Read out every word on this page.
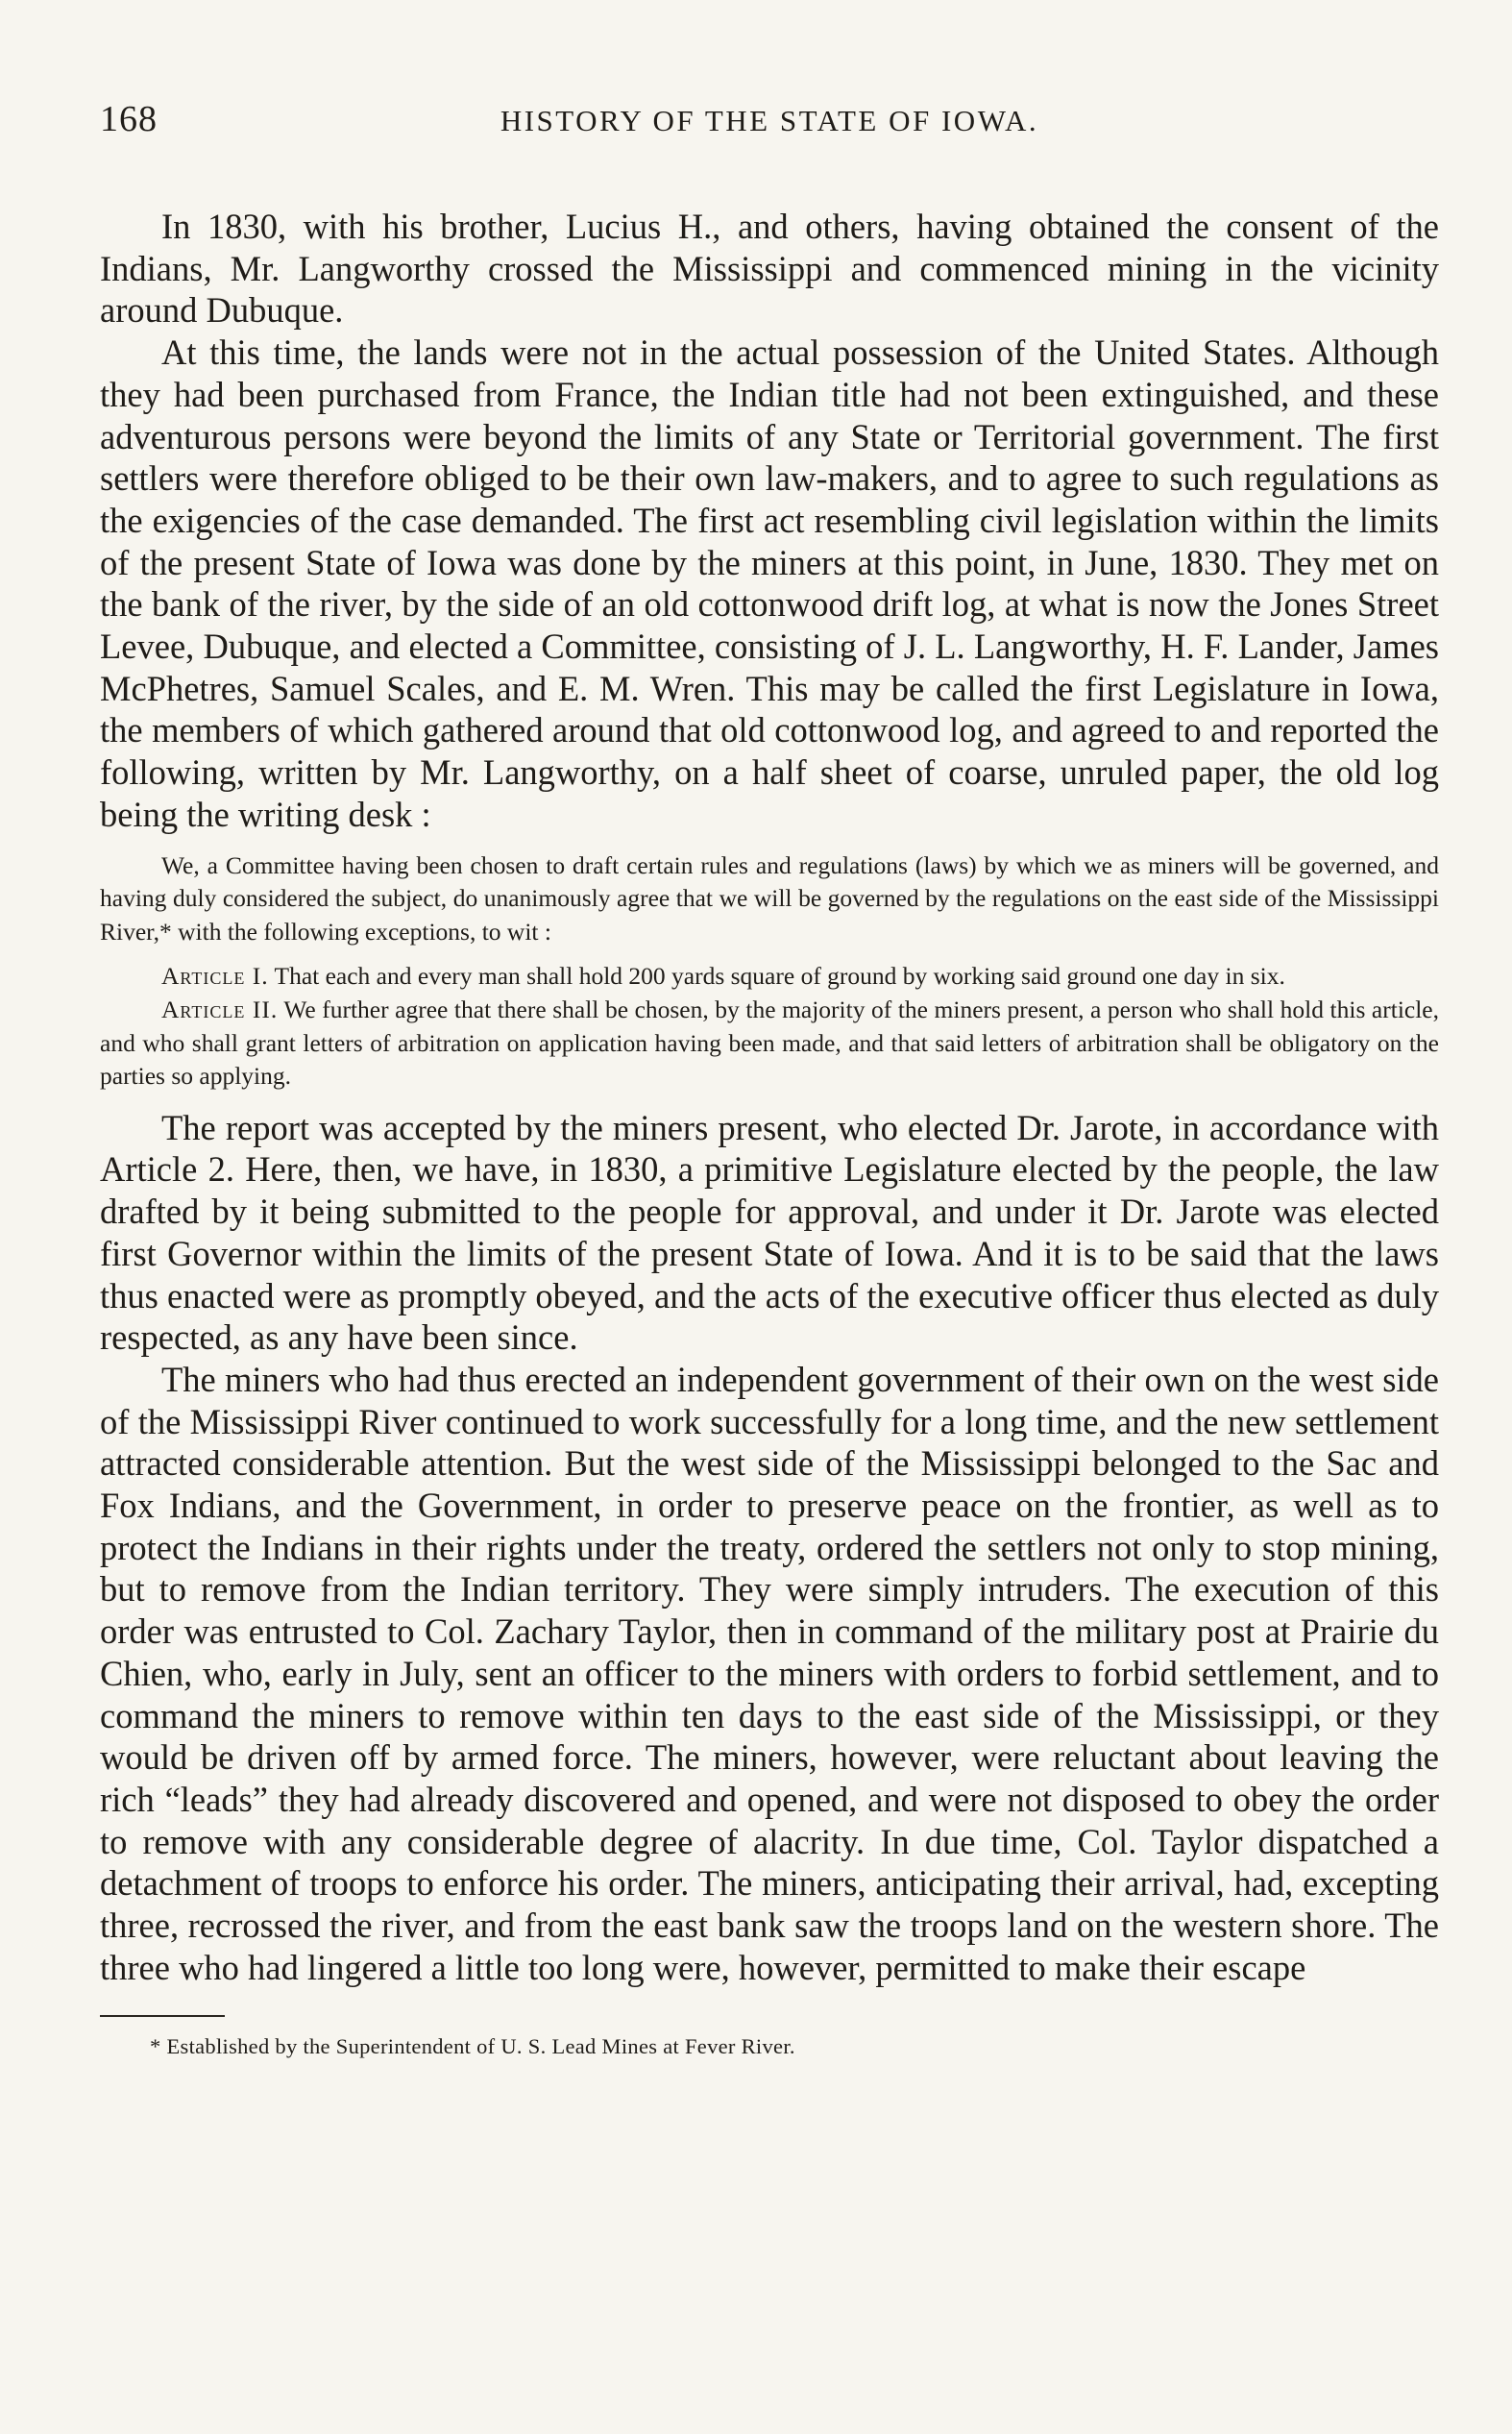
168	HISTORY OF THE STATE OF IOWA.

In 1830, with his brother, Lucius H., and others, having obtained the consent of the Indians, Mr. Langworthy crossed the Mississippi and commenced mining in the vicinity around Dubuque.

At this time, the lands were not in the actual possession of the United States. Although they had been purchased from France, the Indian title had not been extinguished, and these adventurous persons were beyond the limits of any State or Territorial government. The first settlers were therefore obliged to be their own law-makers, and to agree to such regulations as the exigencies of the case demanded. The first act resembling civil legislation within the limits of the present State of Iowa was done by the miners at this point, in June, 1830. They met on the bank of the river, by the side of an old cottonwood drift log, at what is now the Jones Street Levee, Dubuque, and elected a Committee, consisting of J. L. Langworthy, H. F. Lander, James McPhetres, Samuel Scales, and E. M. Wren. This may be called the first Legislature in Iowa, the members of which gathered around that old cottonwood log, and agreed to and reported the following, written by Mr. Langworthy, on a half sheet of coarse, unruled paper, the old log being the writing desk :

We, a Committee having been chosen to draft certain rules and regulations (laws) by which we as miners will be governed, and having duly considered the subject, do unanimously agree that we will be governed by the regulations on the east side of the Mississippi River,* with the following exceptions, to wit :

Article I. That each and every man shall hold 200 yards square of ground by working said ground one day in six.

Article II. We further agree that there shall be chosen, by the majority of the miners present, a person who shall hold this article, and who shall grant letters of arbitration on application having been made, and that said letters of arbitration shall be obligatory on the parties so applying.

The report was accepted by the miners present, who elected Dr. Jarote, in accordance with Article 2. Here, then, we have, in 1830, a primitive Legislature elected by the people, the law drafted by it being submitted to the people for approval, and under it Dr. Jarote was elected first Governor within the limits of the present State of Iowa. And it is to be said that the laws thus enacted were as promptly obeyed, and the acts of the executive officer thus elected as duly respected, as any have been since.

The miners who had thus erected an independent government of their own on the west side of the Mississippi River continued to work successfully for a long time, and the new settlement attracted considerable attention. But the west side of the Mississippi belonged to the Sac and Fox Indians, and the Government, in order to preserve peace on the frontier, as well as to protect the Indians in their rights under the treaty, ordered the settlers not only to stop mining, but to remove from the Indian territory. They were simply intruders. The execution of this order was entrusted to Col. Zachary Taylor, then in command of the military post at Prairie du Chien, who, early in July, sent an officer to the miners with orders to forbid settlement, and to command the miners to remove within ten days to the east side of the Mississippi, or they would be driven off by armed force. The miners, however, were reluctant about leaving the rich “leads” they had already discovered and opened, and were not disposed to obey the order to remove with any considerable degree of alacrity. In due time, Col. Taylor dispatched a detachment of troops to enforce his order. The miners, anticipating their arrival, had, excepting three, recrossed the river, and from the east bank saw the troops land on the western shore. The three who had lingered a little too long were, however, permitted to make their escape

* Established by the Superintendent of U. S. Lead Mines at Fever River.
